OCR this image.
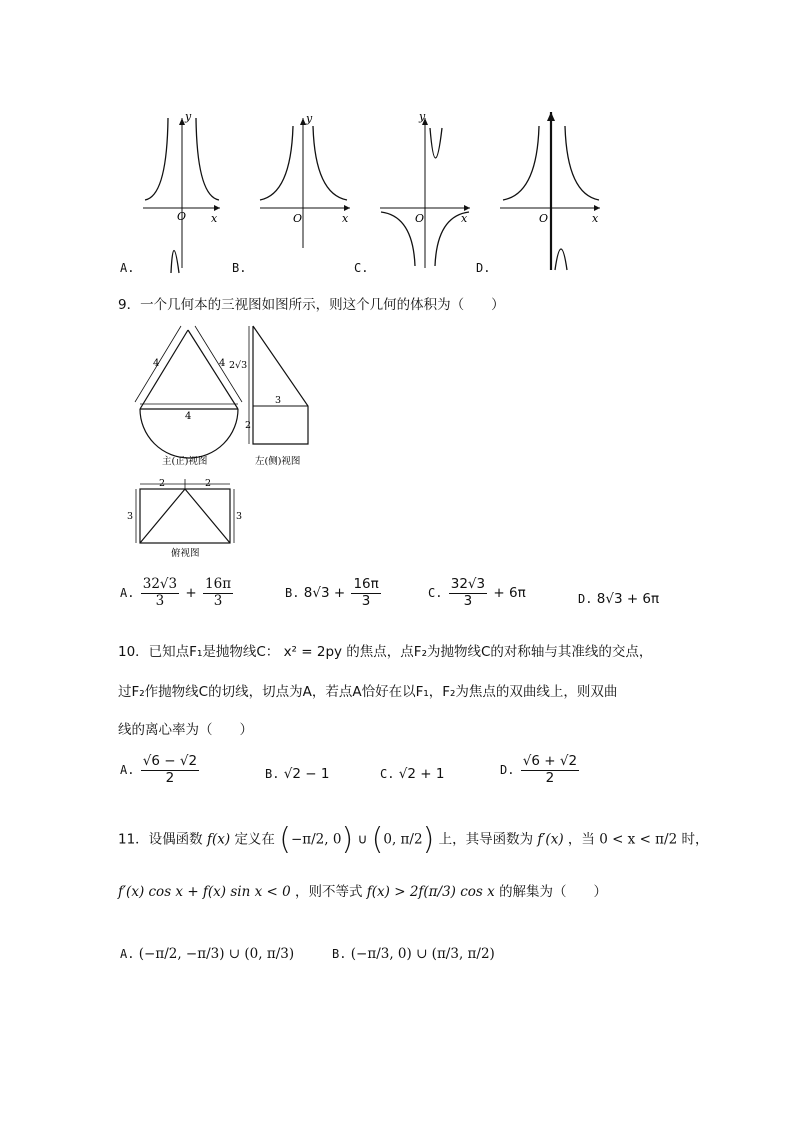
O x
y
O	x
y
O	x
y
O	x
A.	B.	C.	D.
9．一个几何本的三视图如图所示，则这个几何的体积为（　　）
4	4
4
主(正)视图
2√3
3
2
左(侧)视图
2	2
3	3
俯视图
A. $\frac{32√3}{3} + \frac{16\pi}{3}$	B. $8√3 + \frac{16\pi}{3}$	C. $\frac{32√3}{3} + 6\pi$	D. 8√3 + 6π
10．已知点F₁是抛物线C： x² = 2py 的焦点，点F₂为抛物线C的对称轴与其准线的交点，
过F₂作抛物线C的切线，切点为A，若点A恰好在以F₁，F₂为焦点的双曲线上，则双曲
线的离心率为（　　）
A. $\frac{√6 - √2}{2}$	B. √2 − 1	C. √2 + 1	D. $\frac{√6 + √2}{2}$
11．设偶函数 f(x) 定义在 (−π/2, 0) ∪ (0, π/2) 上，其导函数为 f′(x) ，当 0 < x < π/2 时，
f′(x) cos x + f(x) sin x < 0 ，则不等式 f(x) > 2f(π/3) cos x 的解集为（　　）
A. (−π/2, −π/3) ∪ (0, π/3)	B. (−π/3, 0) ∪ (π/3, π/2)
